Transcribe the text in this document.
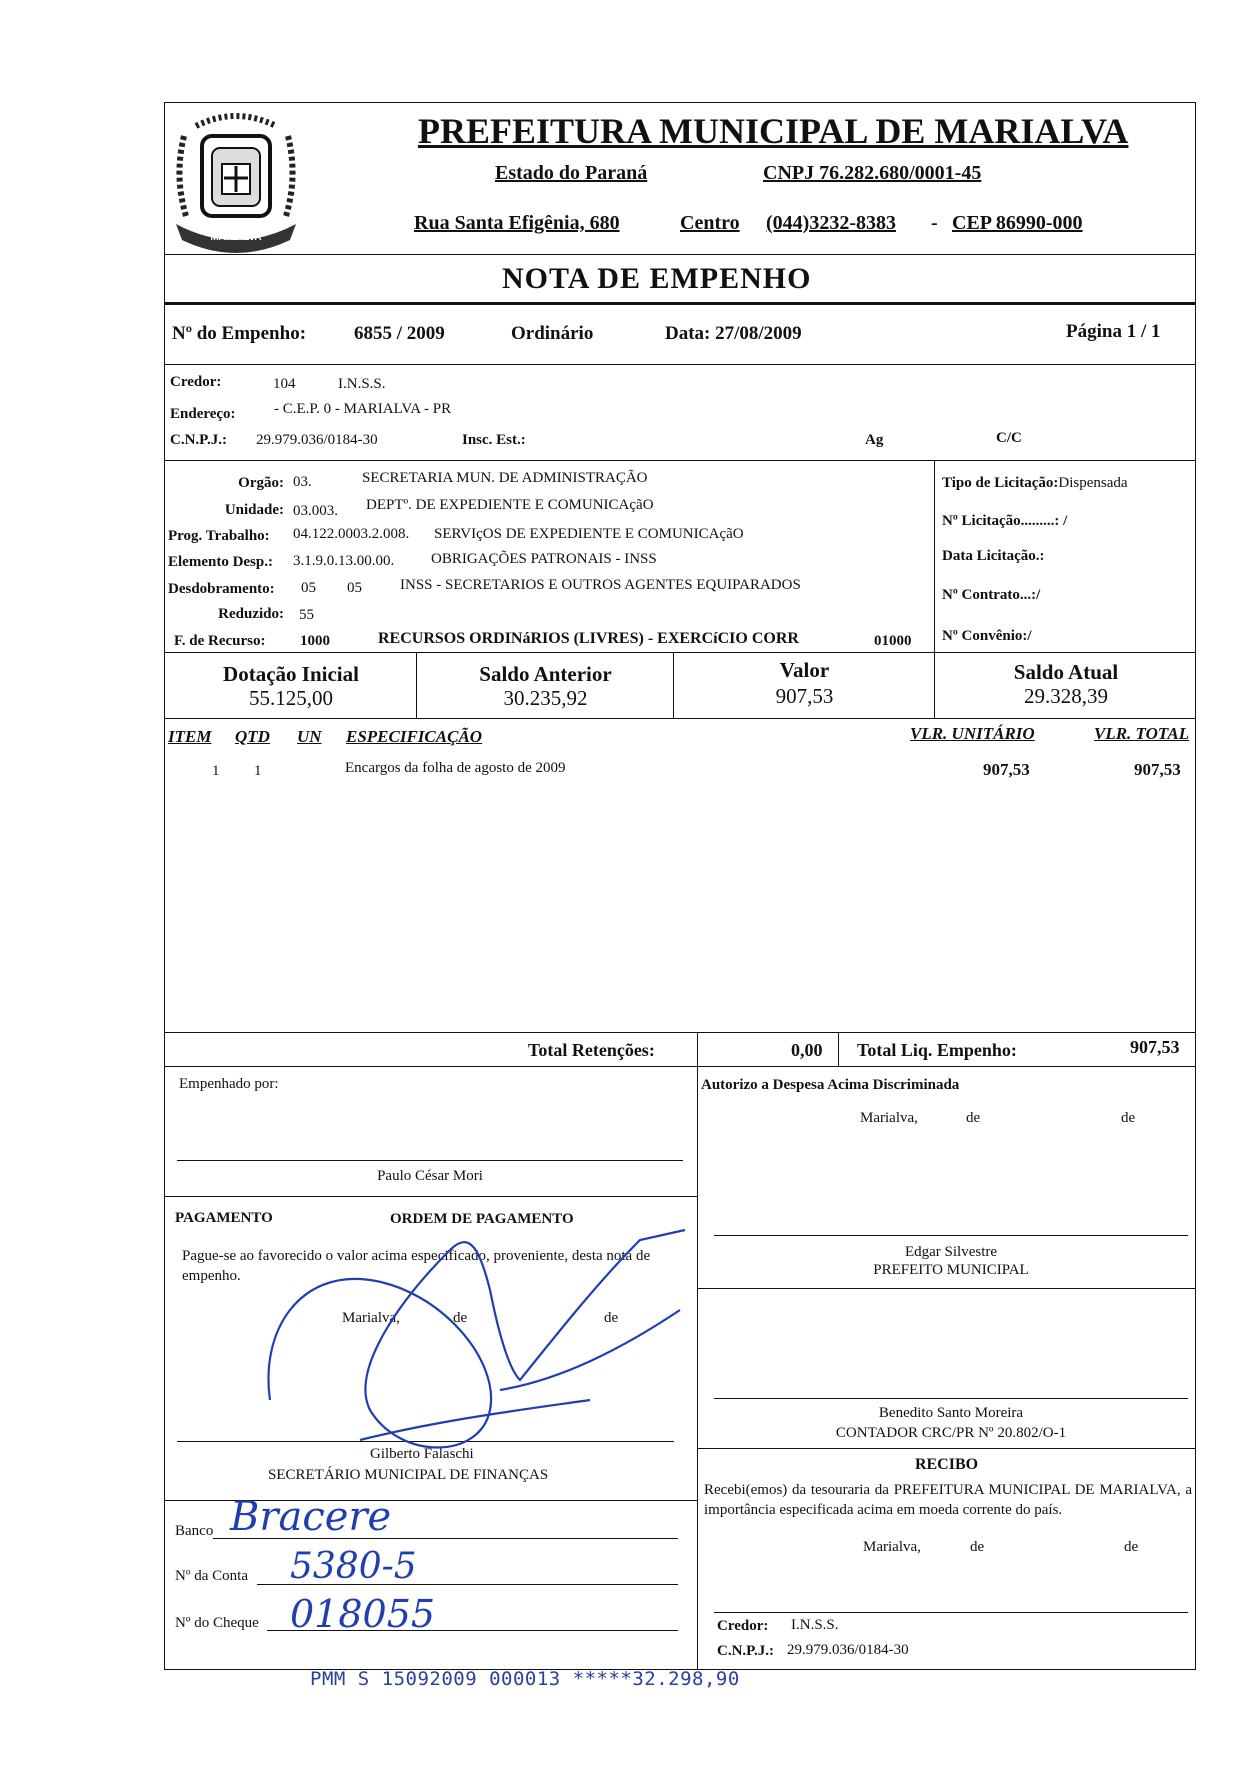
MARIALVA
PREFEITURA MUNICIPAL DE MARIALVA
Estado do Paraná	CNPJ 76.282.680/0001-45
Rua Santa Efigênia, 680	Centro (044)3232-8383 - CEP 86990-000
NOTA DE EMPENHO
Nº do Empenho:	6855 / 2009	Ordinário	Data: 27/08/2009	Página 1 / 1
Credor:	104	I.N.S.S.
Endereço:	- C.E.P. 0 - MARIALVA - PR
C.N.P.J.: 29.979.036/0184-30	Insc. Est.:	Ag	C/C
Orgão: 03.	SECRETARIA MUN. DE ADMINISTRAÇÃO
Unidade: 03.003. DEPTº. DE EXPEDIENTE E COMUNICAçãO
Prog. Trabalho: 04.122.0003.2.008. SERVIçOS DE EXPEDIENTE E COMUNICAçãO
Elemento Desp.: 3.1.9.0.13.00.00. OBRIGAÇÕES PATRONAIS - INSS
Desdobramento: 05 05	INSS - SECRETARIOS E OUTROS AGENTES EQUIPARADOS
Reduzido: 55
F. de Recurso: 1000	RECURSOS ORDINáRIOS (LIVRES) - EXERCíCIO CORR	01000
Tipo de Licitação:Dispensada
Nº Licitação.........: /
Data Licitação.:
Nº Contrato...:/
Nº Convênio:/
Dotação Inicial
55.125,00
Saldo Anterior
30.235,92
Valor
907,53
Saldo Atual
29.328,39
ITEM QTD UN ESPECIFICAÇÃO	VLR. UNITÁRIO	VLR. TOTAL
1 1	Encargos da folha de agosto de 2009	907,53	907,53
Total Retenções:	0,00 Total Liq. Empenho:	907,53
Empenhado por:
Paulo César Mori
Autorizo a Despesa Acima Discriminada
Marialva,	de	de
Edgar Silvestre
PREFEITO MUNICIPAL
Benedito Santo Moreira
CONTADOR CRC/PR Nº 20.802/O-1
PAGAMENTO	ORDEM DE PAGAMENTO
Pague-se ao favorecido o valor acima especificado, proveniente, desta nota de empenho.
Marialva,	de	de
Gilberto Falaschi
SECRETÁRIO MUNICIPAL DE FINANÇAS
Banco Bracere
Nº da Conta 5380-5
Nº do Cheque 018055
RECIBO
Recebi(emos) da tesouraria da PREFEITURA MUNICIPAL DE MARIALVA, a importância especificada acima em moeda corrente do país.
Marialva,	de	de
Credor: I.N.S.S.
C.N.P.J.: 29.979.036/0184-30
PMM S 15092009 000013 *****32.298,90
